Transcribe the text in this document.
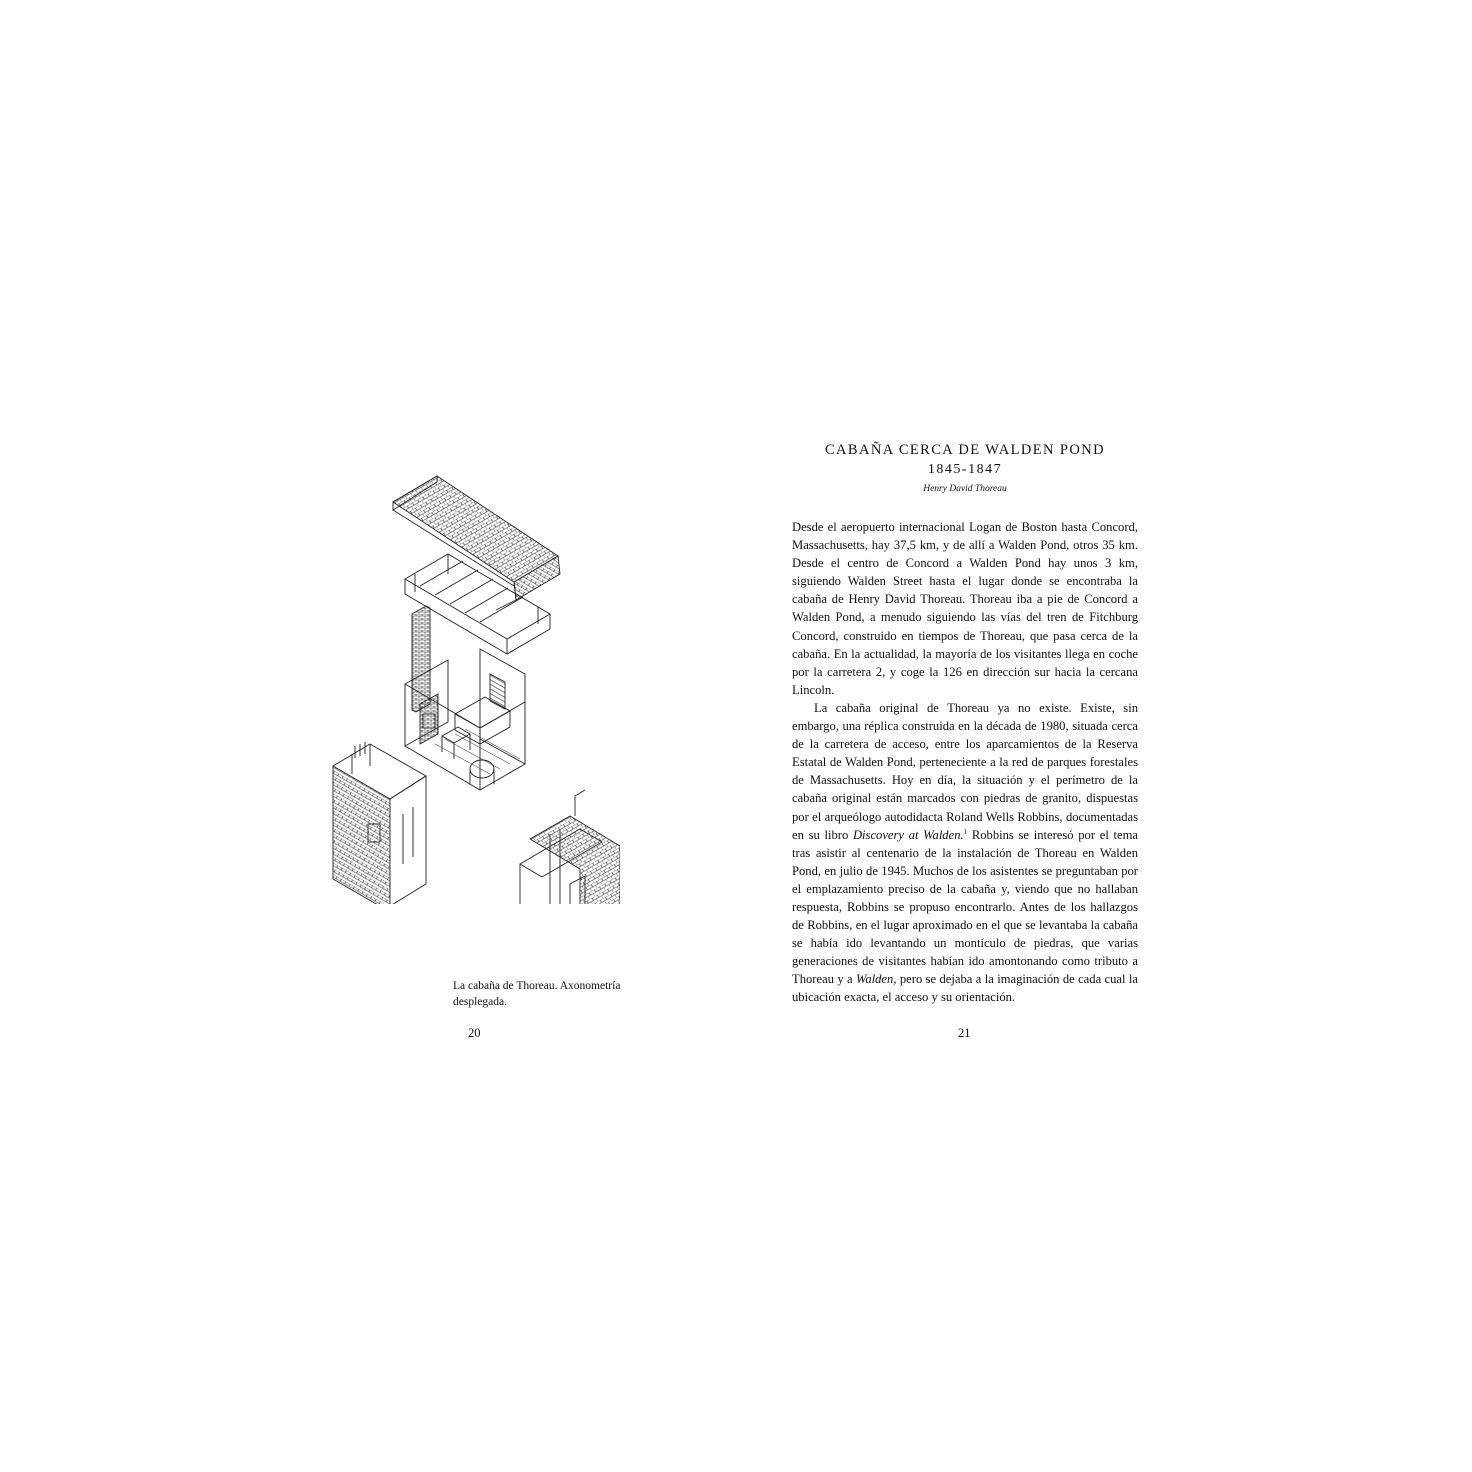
La cabaña de Thoreau. Axonometría
desplegada.
20
CABAÑA CERCA DE WALDEN POND
1845-1847
Henry David Thoreau

Desde el aeropuerto internacional Logan de Boston hasta Concord, Massachusetts, hay 37,5 km, y de allí a Walden Pond, otros 35 km. Desde el centro de Concord a Walden Pond hay unos 3 km, siguiendo Walden Street hasta el lugar donde se encontraba la cabaña de Henry David Thoreau. Thoreau iba a pie de Concord a Walden Pond, a menudo siguiendo las vías del tren de Fitchburg Concord, construido en tiempos de Thoreau, que pasa cerca de la cabaña. En la actualidad, la mayoría de los visitantes llega en coche por la carretera 2, y coge la 126 en dirección sur hacia la cercana Lincoln.

La cabaña original de Thoreau ya no existe. Existe, sin embargo, una réplica construida en la década de 1980, situada cerca de la carretera de acceso, entre los aparcamientos de la Reserva Estatal de Walden Pond, perteneciente a la red de parques forestales de Massachusetts. Hoy en día, la situación y el perímetro de la cabaña original están marcados con piedras de granito, dispuestas por el arqueólogo autodidacta Roland Wells Robbins, documentadas en su libro Discovery at Walden.$^1$ Robbins se interesó por el tema tras asistir al centenario de la instalación de Thoreau en Walden Pond, en julio de 1945. Muchos de los asistentes se preguntaban por el emplazamiento preciso de la cabaña y, viendo que no hallaban respuesta, Robbins se propuso encontrarlo. Antes de los hallazgos de Robbins, en el lugar aproximado en el que se levantaba la cabaña se había ido levantando un montículo de piedras, que varias generaciones de visitantes habían ido amontonando como tributo a Thoreau y a Walden, pero se dejaba a la imaginación de cada cual la ubicación exacta, el acceso y su orientación.

21
